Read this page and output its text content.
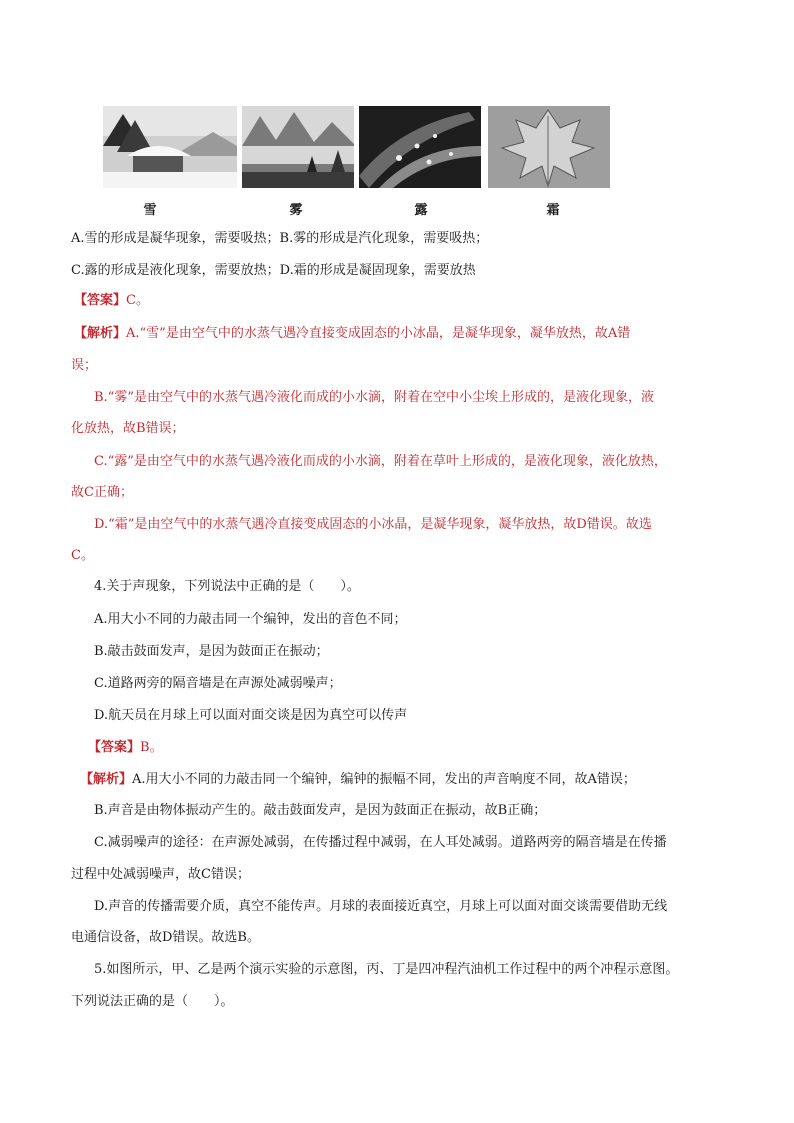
雪	雾	露	霜
A.雪的形成是凝华现象，需要吸热；B.雾的形成是汽化现象，需要吸热；
C.露的形成是液化现象，需要放热；D.霜的形成是凝固现象，需要放热
【答案】C。
【解析】A.“雪”是由空气中的水蒸气遇冷直接变成固态的小冰晶，是凝华现象，凝华放热，故A错
误；
B.“雾”是由空气中的水蒸气遇冷液化而成的小水滴，附着在空中小尘埃上形成的，是液化现象，液
化放热，故B错误；
C.“露”是由空气中的水蒸气遇冷液化而成的小水滴，附着在草叶上形成的，是液化现象，液化放热，
故C正确；
D.“霜”是由空气中的水蒸气遇冷直接变成固态的小冰晶，是凝华现象，凝华放热，故D错误。故选
C。
4.关于声现象，下列说法中正确的是（　　）。
A.用大小不同的力敲击同一个编钟，发出的音色不同；
B.敲击鼓面发声，是因为鼓面正在振动；
C.道路两旁的隔音墙是在声源处减弱噪声；
D.航天员在月球上可以面对面交谈是因为真空可以传声
【答案】B。
【解析】A.用大小不同的力敲击同一个编钟，编钟的振幅不同，发出的声音响度不同，故A错误；
B.声音是由物体振动产生的。敲击鼓面发声，是因为鼓面正在振动，故B正确；
C.减弱噪声的途径：在声源处减弱，在传播过程中减弱，在人耳处减弱。道路两旁的隔音墙是在传播
过程中处减弱噪声，故C错误；
D.声音的传播需要介质，真空不能传声。月球的表面接近真空，月球上可以面对面交谈需要借助无线
电通信设备，故D错误。故选B。
5.如图所示，甲、乙是两个演示实验的示意图，丙、丁是四冲程汽油机工作过程中的两个冲程示意图。
下列说法正确的是（　　）。
